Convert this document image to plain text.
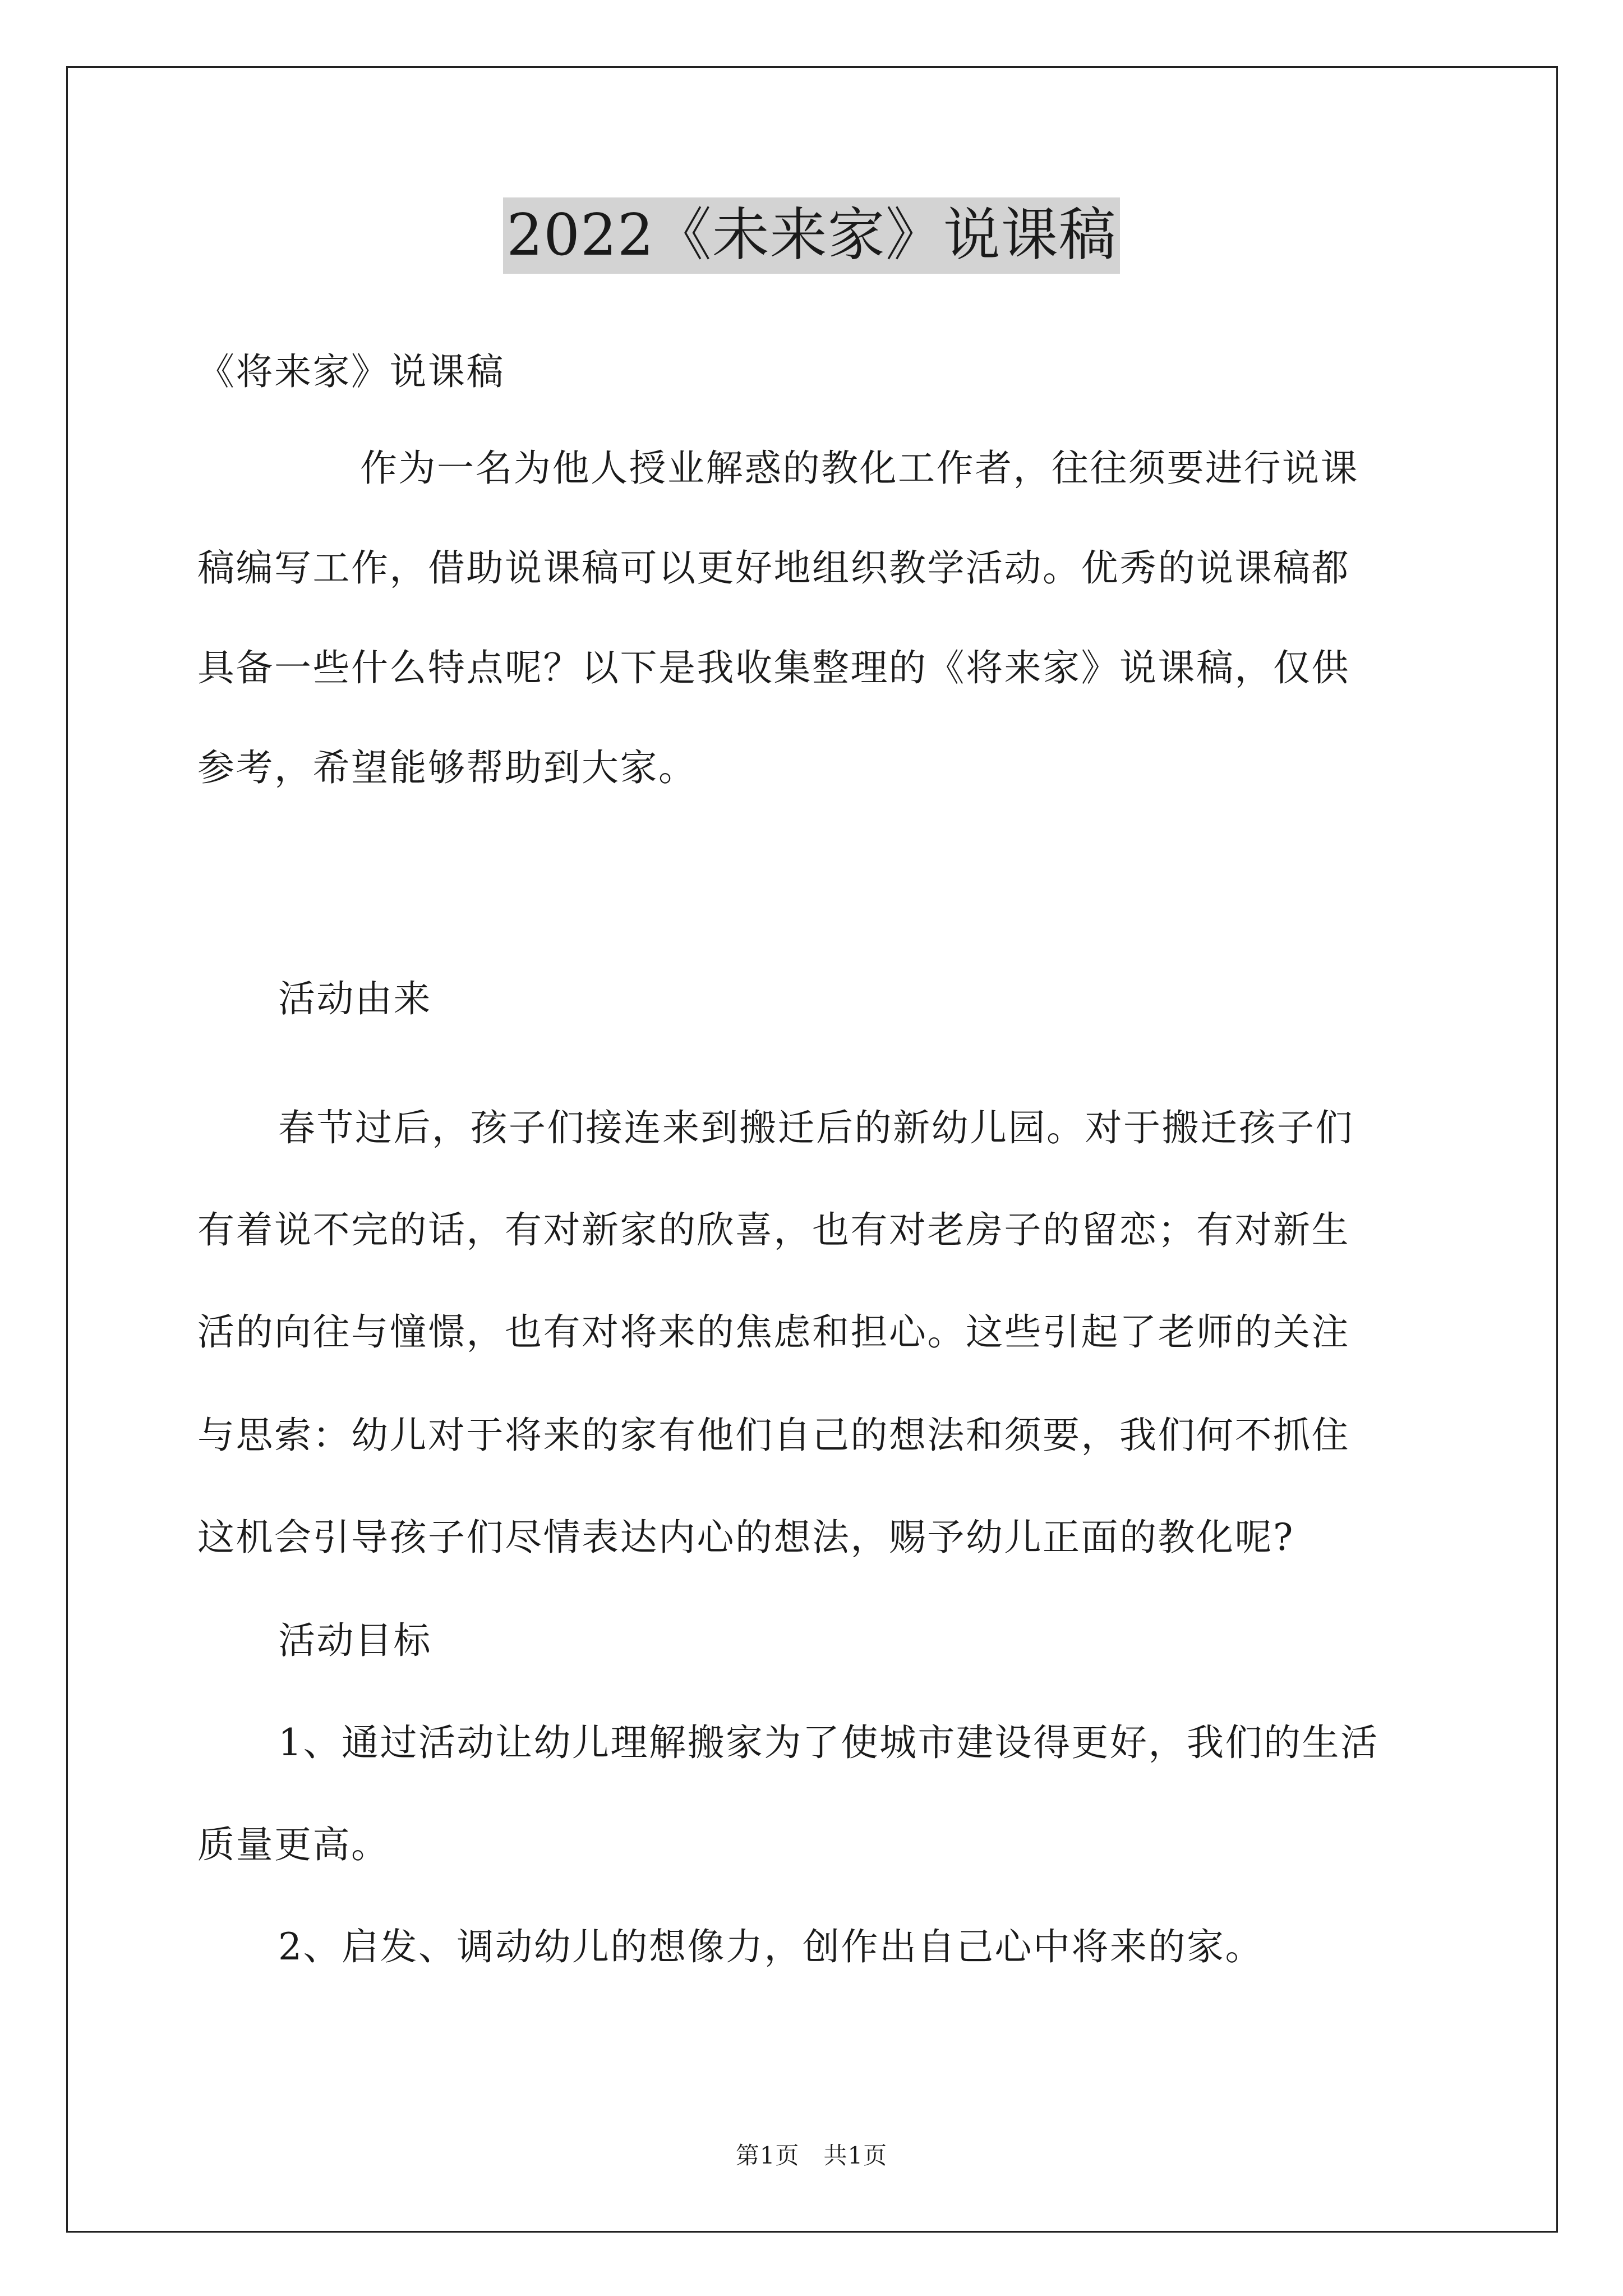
2022《未来家》说课稿
《将来家》说课稿
作为一名为他人授业解惑的教化工作者，往往须要进行说课
稿编写工作，借助说课稿可以更好地组织教学活动。优秀的说课稿都
具备一些什么特点呢？以下是我收集整理的《将来家》说课稿，仅供
参考，希望能够帮助到大家。
活动由来
春节过后，孩子们接连来到搬迁后的新幼儿园。对于搬迁孩子们
有着说不完的话，有对新家的欣喜，也有对老房子的留恋；有对新生
活的向往与憧憬，也有对将来的焦虑和担心。这些引起了老师的关注
与思索：幼儿对于将来的家有他们自己的想法和须要，我们何不抓住
这机会引导孩子们尽情表达内心的想法，赐予幼儿正面的教化呢?
活动目标
1、通过活动让幼儿理解搬家为了使城市建设得更好，我们的生活
质量更高。
2、启发、调动幼儿的想像力，创作出自己心中将来的家。
第1页　共1页
